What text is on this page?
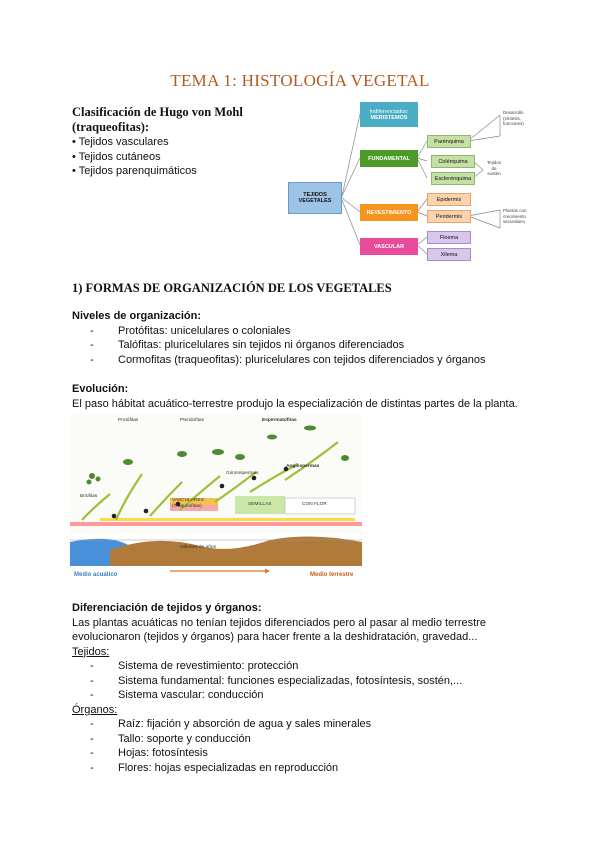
TEMA 1: HISTOLOGÍA VEGETAL
Clasificación de Hugo von Mohl
(traqueofitas):
• Tejidos vasculares
• Tejidos cutáneos
• Tejidos parenquimáticos
TEJIDOS VEGETALES
Indiferenciados:
MERISTEMOS
FUNDAMENTAL
REVESTIMIENTO
VASCULAR
Parénquima
Colénquima
Esclerénquima
Epidermis
Peridermis
Floema
Xilema
Desarrollo
(síntesis,
funciones)
Tejidos
de
sostén
Plantas con
crecimiento
secundario
1) FORMAS DE ORGANIZACIÓN DE LOS VEGETALES
Niveles de organización:
- Protófitas: unicelulares o coloniales
- Talófitas: pluricelulares sin tejidos ni órganos diferenciados
- Cormofitas (traqueofitas): pluricelulares con tejidos diferenciados y órganos
Evolución:
El paso hábitat acuático-terrestre produjo la especialización de distintas partes de la planta.
Protófitas	Pteridofitas	Espermatofitas
Gimnospermas
Angiospermas
Briofitas
VASCULARES
(Traqueofitas)	SEMILLAS	CON FLOR
millones de años
Medio acuático	Medio terrestre
Diferenciación de tejidos y órganos:
Las plantas acuáticas no tenían tejidos diferenciados pero al pasar al medio terrestre
evolucionaron (tejidos y órganos) para hacer frente a la deshidratación, gravedad...
Tejidos:
- Sistema de revestimiento: protección
- Sistema fundamental: funciones especializadas, fotosíntesis, sostén,...
- Sistema vascular: conducción
Órganos:
- Raíz: fijación y absorción de agua y sales minerales
- Tallo: soporte y conducción
- Hojas: fotosíntesis
- Flores: hojas especializadas en reproducción
